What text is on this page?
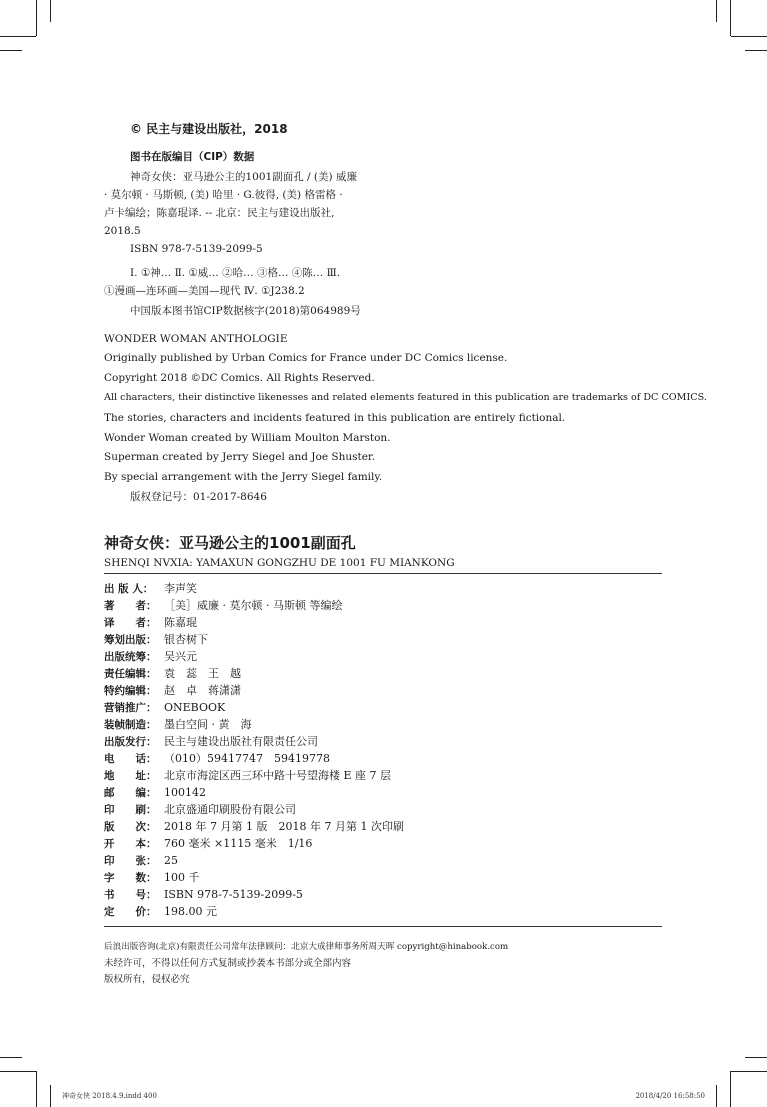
© 民主与建设出版社，2018
图书在版编目（CIP）数据
神奇女侠：亚马逊公主的1001副面孔 / (美) 威廉
· 莫尔顿 · 马斯顿, (美) 哈里 · G.彼得, (美) 格雷格 ·
卢卡编绘；陈嘉琨译. -- 北京：民主与建设出版社,
2018.5
ISBN 978-7-5139-2099-5
Ⅰ. ①神… Ⅱ. ①威… ②哈… ③格… ④陈… Ⅲ.
①漫画—连环画—美国—现代 Ⅳ. ①J238.2
中国版本图书馆CIP数据核字(2018)第064989号
WONDER WOMAN ANTHOLOGIE
Originally published by Urban Comics for France under DC Comics license.
Copyright 2018 ©DC Comics. All Rights Reserved.
All characters, their distinctive likenesses and related elements featured in this publication are trademarks of DC COMICS.
The stories, characters and incidents featured in this publication are entirely fictional.
Wonder Woman created by William Moulton Marston.
Superman created by Jerry Siegel and Joe Shuster.
By special arrangement with the Jerry Siegel family.
版权登记号：01-2017-8646
神奇女侠：亚马逊公主的1001副面孔
SHENQI NVXIA: YAMAXUN GONGZHU DE 1001 FU MIANKONG
出 版 人： 李声笑
著　　者： ［美］威廉 · 莫尔顿 · 马斯顿 等编绘
译　　者： 陈嘉琨
筹划出版： 银杏树下
出版统筹： 吴兴元
责任编辑： 袁　蕊　王　越
特约编辑： 赵　卓　蒋潇潇
营销推广： ONEBOOK
装帧制造： 墨白空间 · 黄　海
出版发行： 民主与建设出版社有限责任公司
电　　话： （010）59417747　59419778
地　　址： 北京市海淀区西三环中路十号望海楼 E 座 7 层
邮　　编： 100142
印　　刷： 北京盛通印刷股份有限公司
版　　次： 2018 年 7 月第 1 版　2018 年 7 月第 1 次印刷
开　　本： 760 毫米 ×1115 毫米　1/16
印　　张： 25
字　　数： 100 千
书　　号： ISBN 978-7-5139-2099-5
定　　价： 198.00 元
后浪出版咨询(北京)有限责任公司常年法律顾问：北京大成律师事务所周天晖 copyright@hinabook.com
未经许可，不得以任何方式复制或抄袭本书部分或全部内容
版权所有，侵权必究
神奇女侠 2018.4.9.indd 400	2018/4/20 16:58:50
